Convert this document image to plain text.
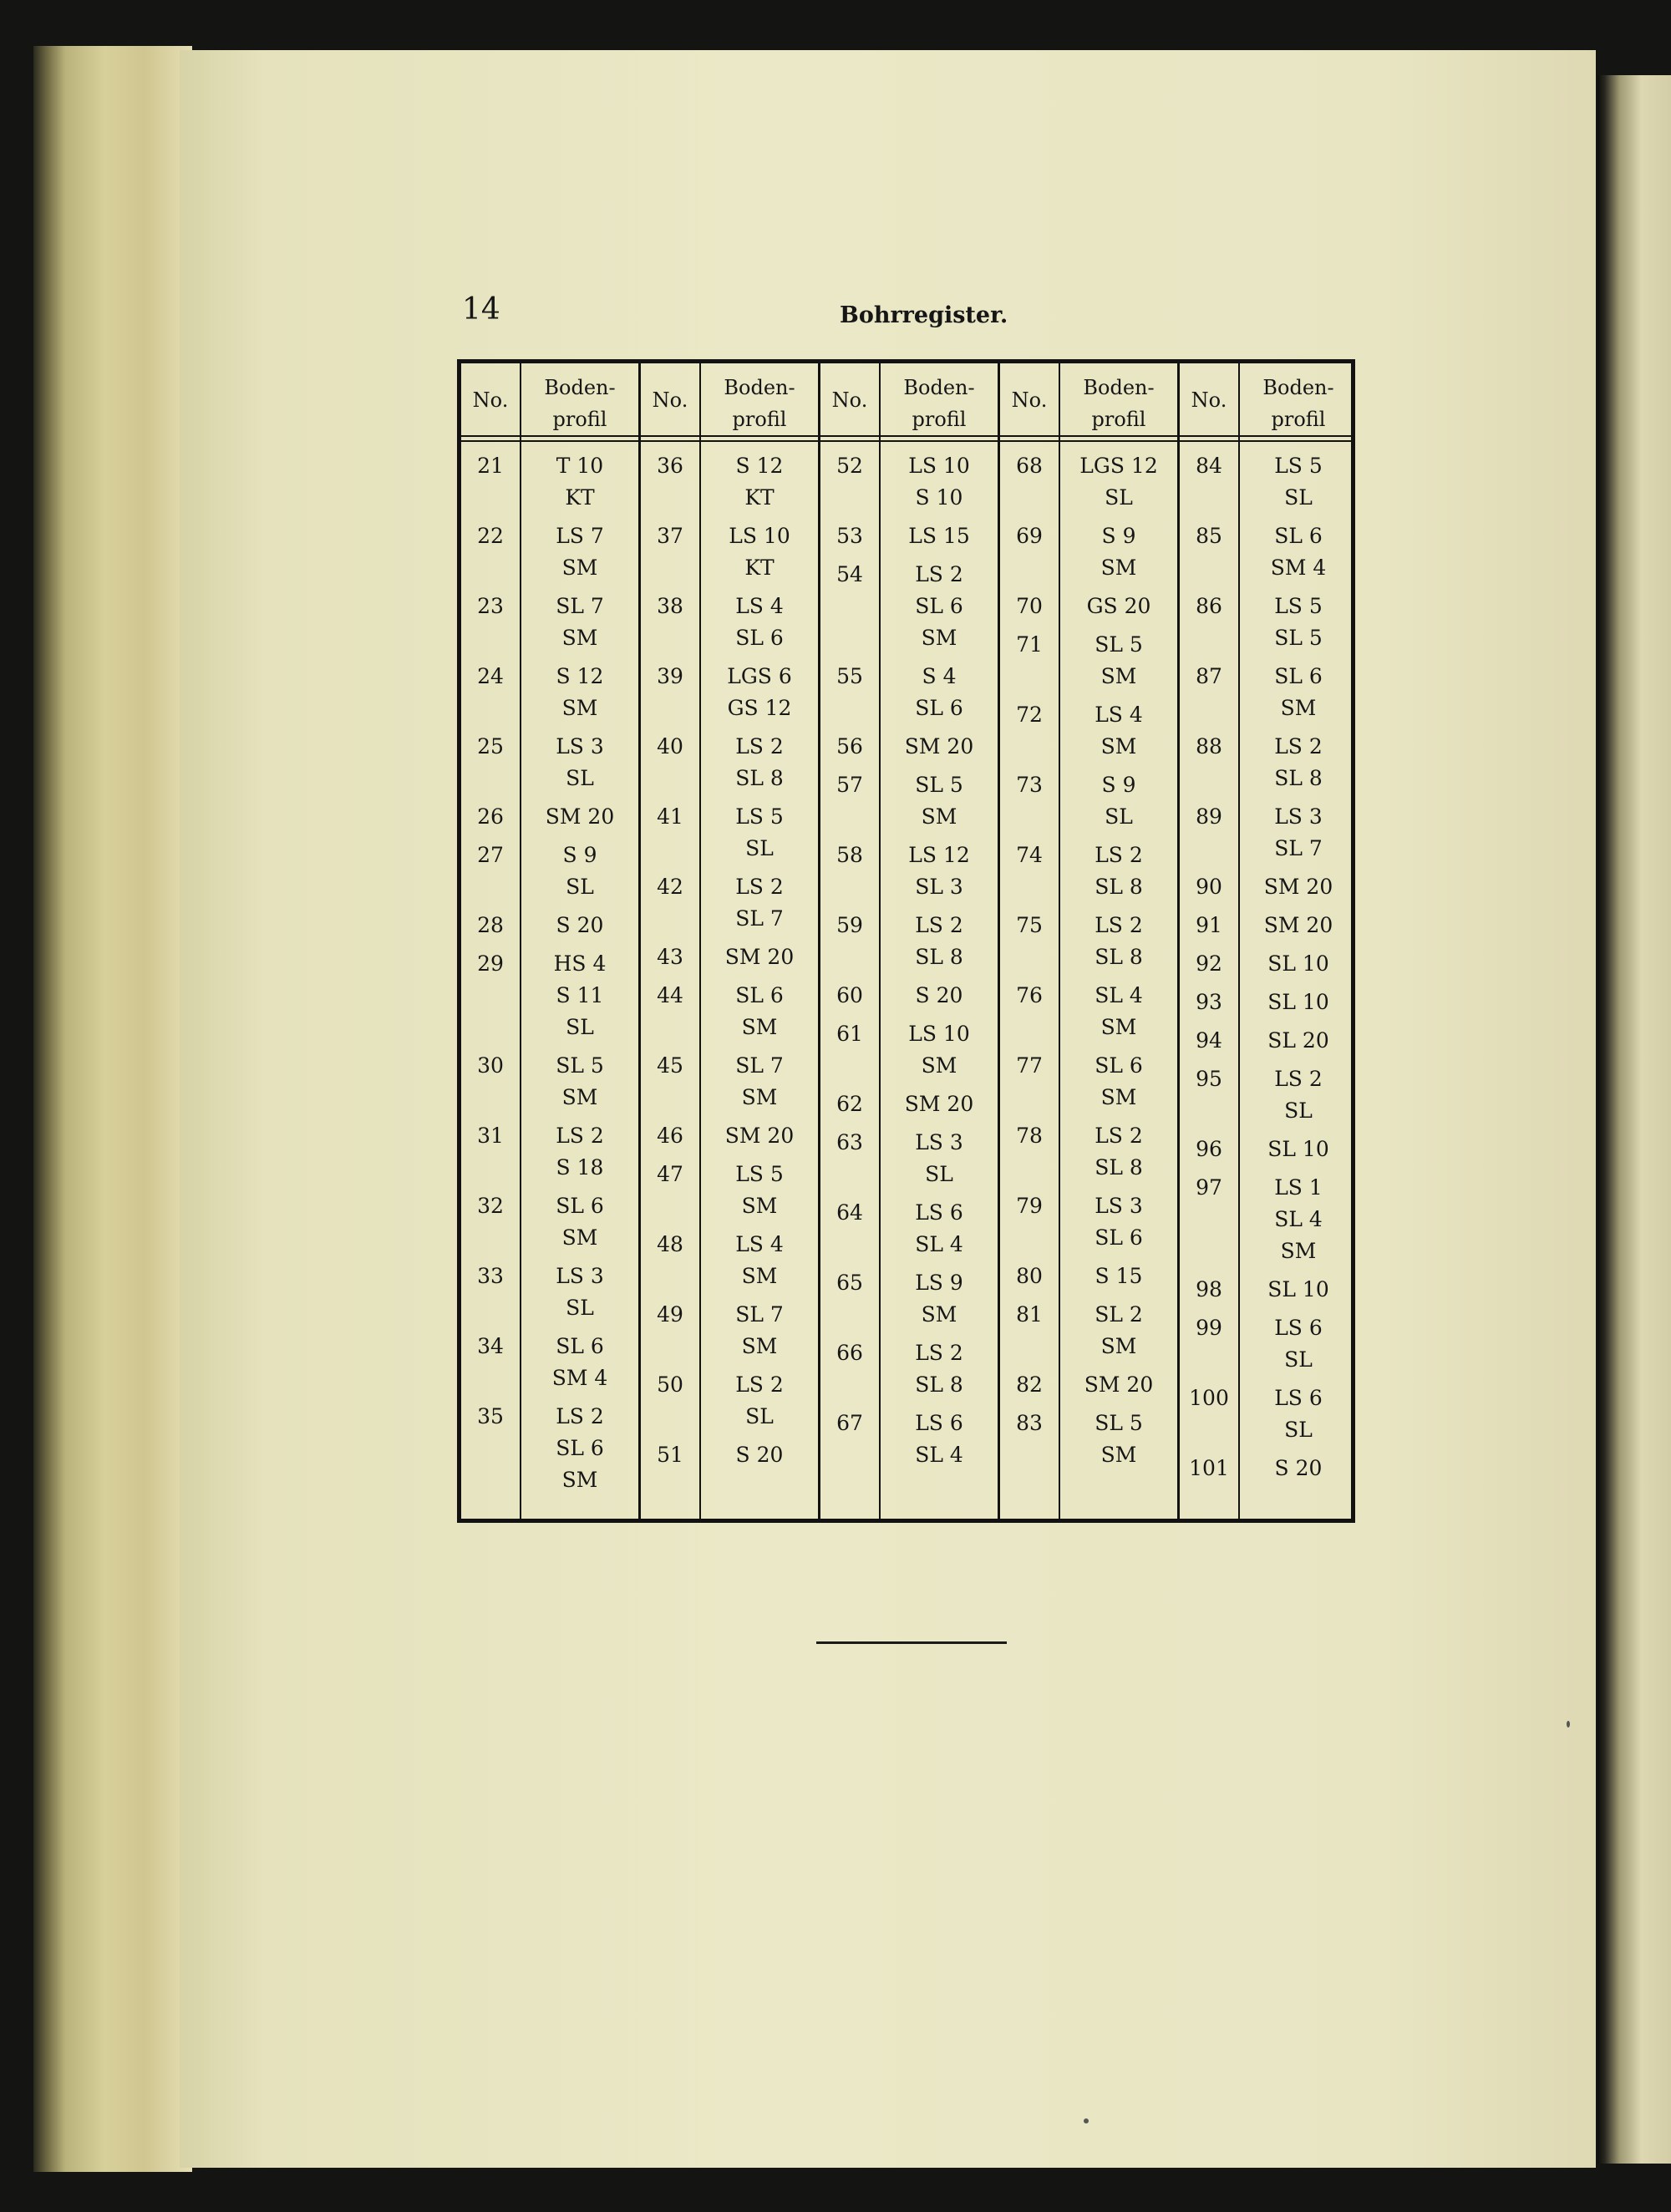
14	Bohrregister.
No.
21
22
23
24
25
26
27
28
29
30
31
32
33
34
35
Boden-
profil
T 10
KT
LS 7
SM
SL 7
SM
S 12
SM
LS 3
SL
SM 20
S 9
SL
S 20
HS 4
S 11
SL
SL 5
SM
LS 2
S 18
SL 6
SM
LS 3
SL
SL 6
SM 4
LS 2
SL 6
SM
No.
36
37
38
39
40
41
42
43
44
45
46
47
48
49
50
51
Boden-
profil
S 12
KT
LS 10
KT
LS 4
SL 6
LGS 6
GS 12
LS 2
SL 8
LS 5
SL
LS 2
SL 7
SM 20
SL 6
SM
SL 7
SM
SM 20
LS 5
SM
LS 4
SM
SL 7
SM
LS 2
SL
S 20
No.
52
53
54
55
56
57
58
59
60
61
62
63
64
65
66
67
Boden-
profil
LS 10
S 10
LS 15
LS 2
SL 6
SM
S 4
SL 6
SM 20
SL 5
SM
LS 12
SL 3
LS 2
SL 8
S 20
LS 10
SM
SM 20
LS 3
SL
LS 6
SL 4
LS 9
SM
LS 2
SL 8
LS 6
SL 4
No.
68
69
70
71
72
73
74
75
76
77
78
79
80
81
82
83
Boden-
profil
LGS 12
SL
S 9
SM
GS 20
SL 5
SM
LS 4
SM
S 9
SL
LS 2
SL 8
LS 2
SL 8
SL 4
SM
SL 6
SM
LS 2
SL 8
LS 3
SL 6
S 15
SL 2
SM
SM 20
SL 5
SM
No.
84
85
86
87
88
89
90
91
92
93
94
95
96
97
98
99
100
101
Boden-
profil
LS 5
SL
SL 6
SM 4
LS 5
SL 5
SL 6
SM
LS 2
SL 8
LS 3
SL 7
SM 20
SM 20
SL 10
SL 10
SL 20
LS 2
SL
SL 10
LS 1
SL 4
SM
SL 10
LS 6
SL
LS 6
SL
S 20
